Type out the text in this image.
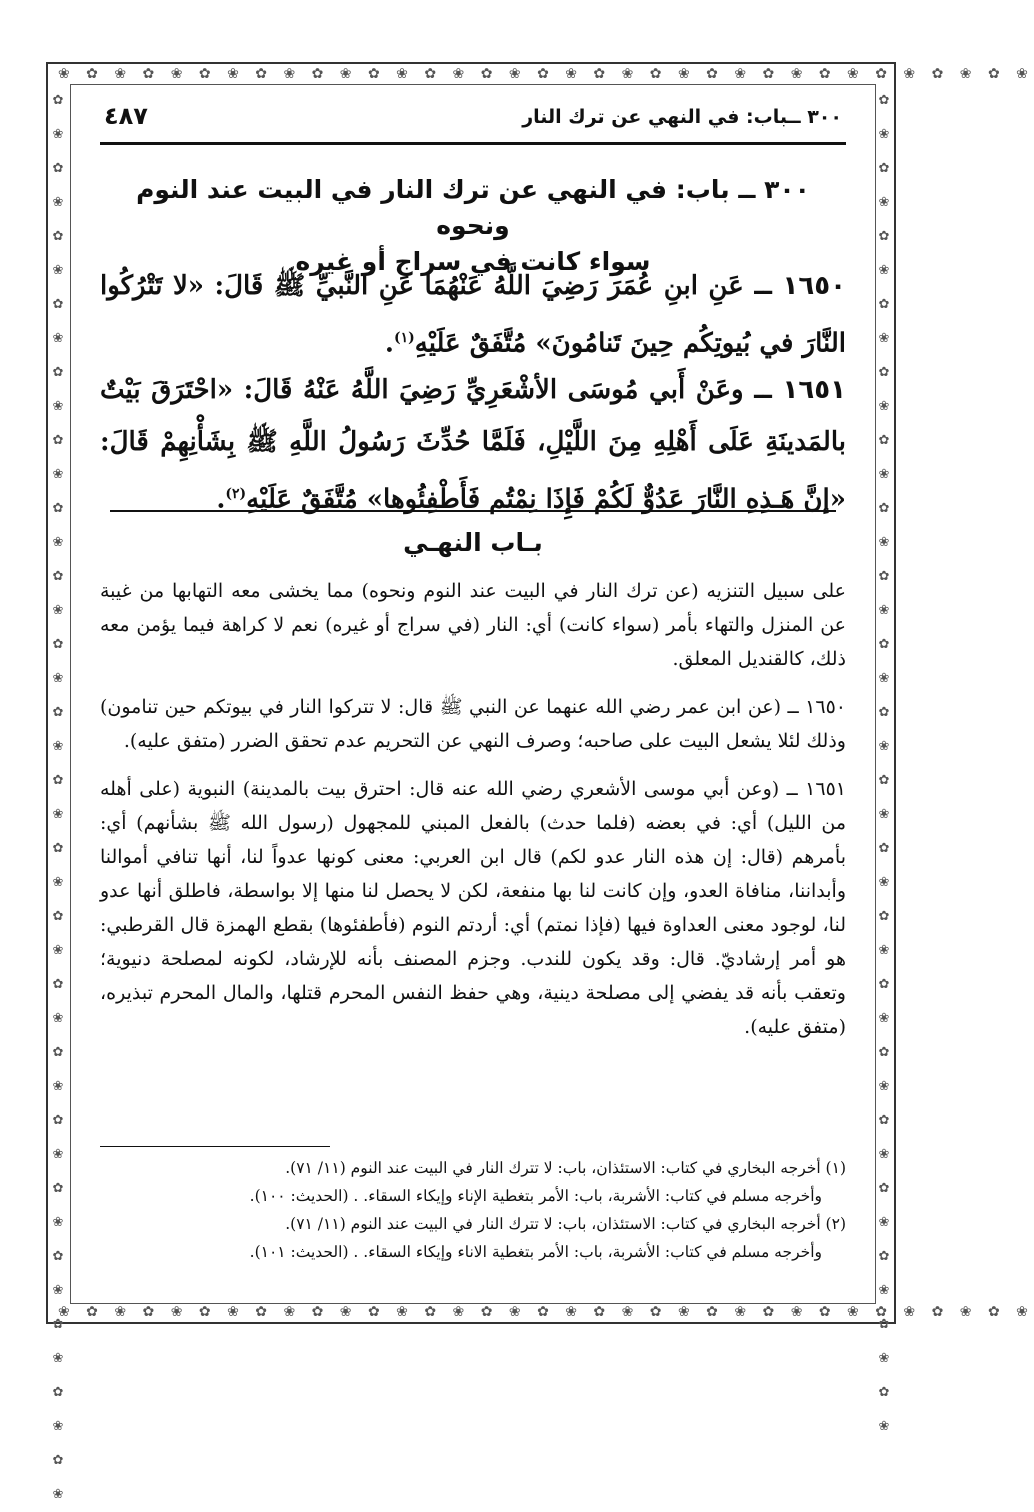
❀ ✿ ❀ ✿ ❀ ✿ ❀ ✿ ❀ ✿ ❀ ✿ ❀ ✿ ❀ ✿ ❀ ✿ ❀ ✿ ❀ ✿ ❀ ✿ ❀ ✿ ❀ ✿ ❀ ✿ ❀ ✿ ❀ ✿ ❀
❀ ✿ ❀ ✿ ❀ ✿ ❀ ✿ ❀ ✿ ❀ ✿ ❀ ✿ ❀ ✿ ❀ ✿ ❀ ✿ ❀ ✿ ❀ ✿ ❀ ✿ ❀ ✿ ❀ ✿ ❀ ✿ ❀ ✿ ❀
✿❀✿❀✿❀✿❀✿❀✿❀✿❀✿❀✿❀✿❀✿❀✿❀✿❀✿❀✿❀✿❀✿❀✿❀✿❀✿❀✿❀
✿❀✿❀✿❀✿❀✿❀✿❀✿❀✿❀✿❀✿❀✿❀✿❀✿❀✿❀✿❀✿❀✿❀✿❀✿❀✿❀
٣٠٠ ــباب: في النهي عن ترك النار
٤٨٧
٣٠٠ ــ باب: في النهي عن ترك النار في البيت عند النوم ونحوه
سواء كانت في سراج أو غيره
١٦٥٠ ــ عَنِ ابنِ عُمَرَ رَضِيَ اللَّهُ عَنْهُمَا عَنِ النَّبيِّ ﷺ قَالَ: «لا تَتْرُكُوا النَّارَ في بُيوتِكُم حِينَ تَنامُونَ» مُتَّفَقٌ عَلَيْهِ$^{(١)}$.
١٦٥١ ــ وعَنْ أَبي مُوسَى الأشْعَرِيِّ رَضِيَ اللَّهُ عَنْهُ قَالَ: «احْتَرَقَ بَيْتٌ بالمَدينَةِ عَلَى أَهْلِهِ مِنَ اللَّيْلِ، فَلَمَّا حُدِّثَ رَسُولُ اللَّهِ ﷺ بِشَأْنِهِمْ قَالَ: «إنَّ هَـذِهِ النَّارَ عَدُوٌّ لَكُمْ فَإِذَا نِمْتُم فَأَطْفِئُوها» مُتَّفَقٌ عَلَيْهِ$^{(٢)}$.
بـاب النهـي

على سبيل التنزيه (عن ترك النار في البيت عند النوم ونحوه) مما يخشى معه التهابها من غيبة عن المنزل والتهاء بأمر (سواء كانت) أي: النار (في سراج أو غيره) نعم لا كراهة فيما يؤمن معه ذلك، كالقنديل المعلق.

١٦٥٠ ــ (عن ابن عمر رضي الله عنهما عن النبي ﷺ قال: لا تتركوا النار في بيوتكم حين تنامون) وذلك لئلا يشعل البيت على صاحبه؛ وصرف النهي عن التحريم عدم تحقق الضرر (متفق عليه).

١٦٥١ ــ (وعن أبي موسى الأشعري رضي الله عنه قال: احترق بيت بالمدينة) النبوية (على أهله من الليل) أي: في بعضه (فلما حدث) بالفعل المبني للمجهول (رسول الله ﷺ بشأنهم) أي: بأمرهم (قال: إن هذه النار عدو لكم) قال ابن العربي: معنى كونها عدواً لنا، أنها تنافي أموالنا وأبداننا، منافاة العدو، وإن كانت لنا بها منفعة، لكن لا يحصل لنا منها إلا بواسطة، فاطلق أنها عدو لنا، لوجود معنى العداوة فيها (فإذا نمتم) أي: أردتم النوم (فأطفئوها) بقطع الهمزة قال القرطبي: هو أمر إرشاديّ. قال: وقد يكون للندب. وجزم المصنف بأنه للإرشاد، لكونه لمصلحة دنيوية؛ وتعقب بأنه قد يفضي إلى مصلحة دينية، وهي حفظ النفس المحرم قتلها، والمال المحرم تبذيره، (متفق عليه).

(١) أخرجه البخاري في كتاب: الاستئذان، باب: لا تترك النار في البيت عند النوم (١١/ ٧١).
وأخرجه مسلم في كتاب: الأشربة، باب: الأمر بتغطية الإناء وإيكاء السقاء. . (الحديث: ١٠٠).
(٢) أخرجه البخاري في كتاب: الاستئذان، باب: لا تترك النار في البيت عند النوم (١١/ ٧١).
وأخرجه مسلم في كتاب: الأشربة، باب: الأمر بتغطية الاناء وإيكاء السقاء. . (الحديث: ١٠١).
